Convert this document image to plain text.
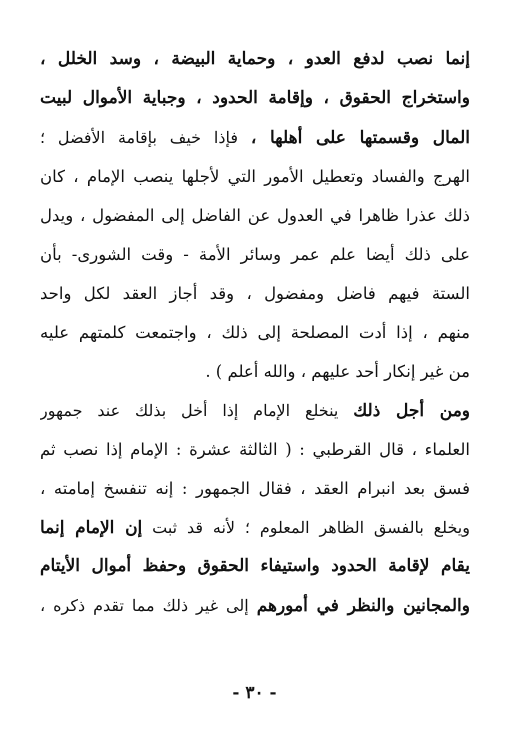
إنما نصب لدفع العدو ، وحماية البيضة ، وسد الخلل ،
واستخراج الحقوق ، وإقامة الحدود ، وجباية الأموال لبيت
المال وقسمتها على أهلها ، فإذا خيف بإقامة الأفضل ؛
الهرج والفساد وتعطيل الأمور التي لأجلها ينصب الإمام ، كان
ذلك عذرا ظاهرا في العدول عن الفاضل إلى المفضول ، ويدل
على ذلك أيضا علم عمر وسائر الأمة - وقت الشورى- بأن
الستة فيهم فاضل ومفضول ، وقد أجاز العقد لكل واحد
منهم ، إذا أدت المصلحة إلى ذلك ، واجتمعت كلمتهم عليه
من غير إنكار أحد عليهم ، والله أعلم ) .
ومن أجل ذلك ينخلع الإمام إذا أخل بذلك عند جمهور
العلماء ، قال القرطبي : ( الثالثة عشرة : الإمام إذا نصب ثم
فسق بعد انبرام العقد ، فقال الجمهور : إنه تنفسخ إمامته ،
ويخلع بالفسق الظاهر المعلوم ؛ لأنه قد ثبت إن الإمام إنما
يقام لإقامة الحدود واستيفاء الحقوق وحفظ أموال الأيتام
والمجانين والنظر في أمورهم إلى غير ذلك مما تقدم ذكره ،
- ٣٠ -
